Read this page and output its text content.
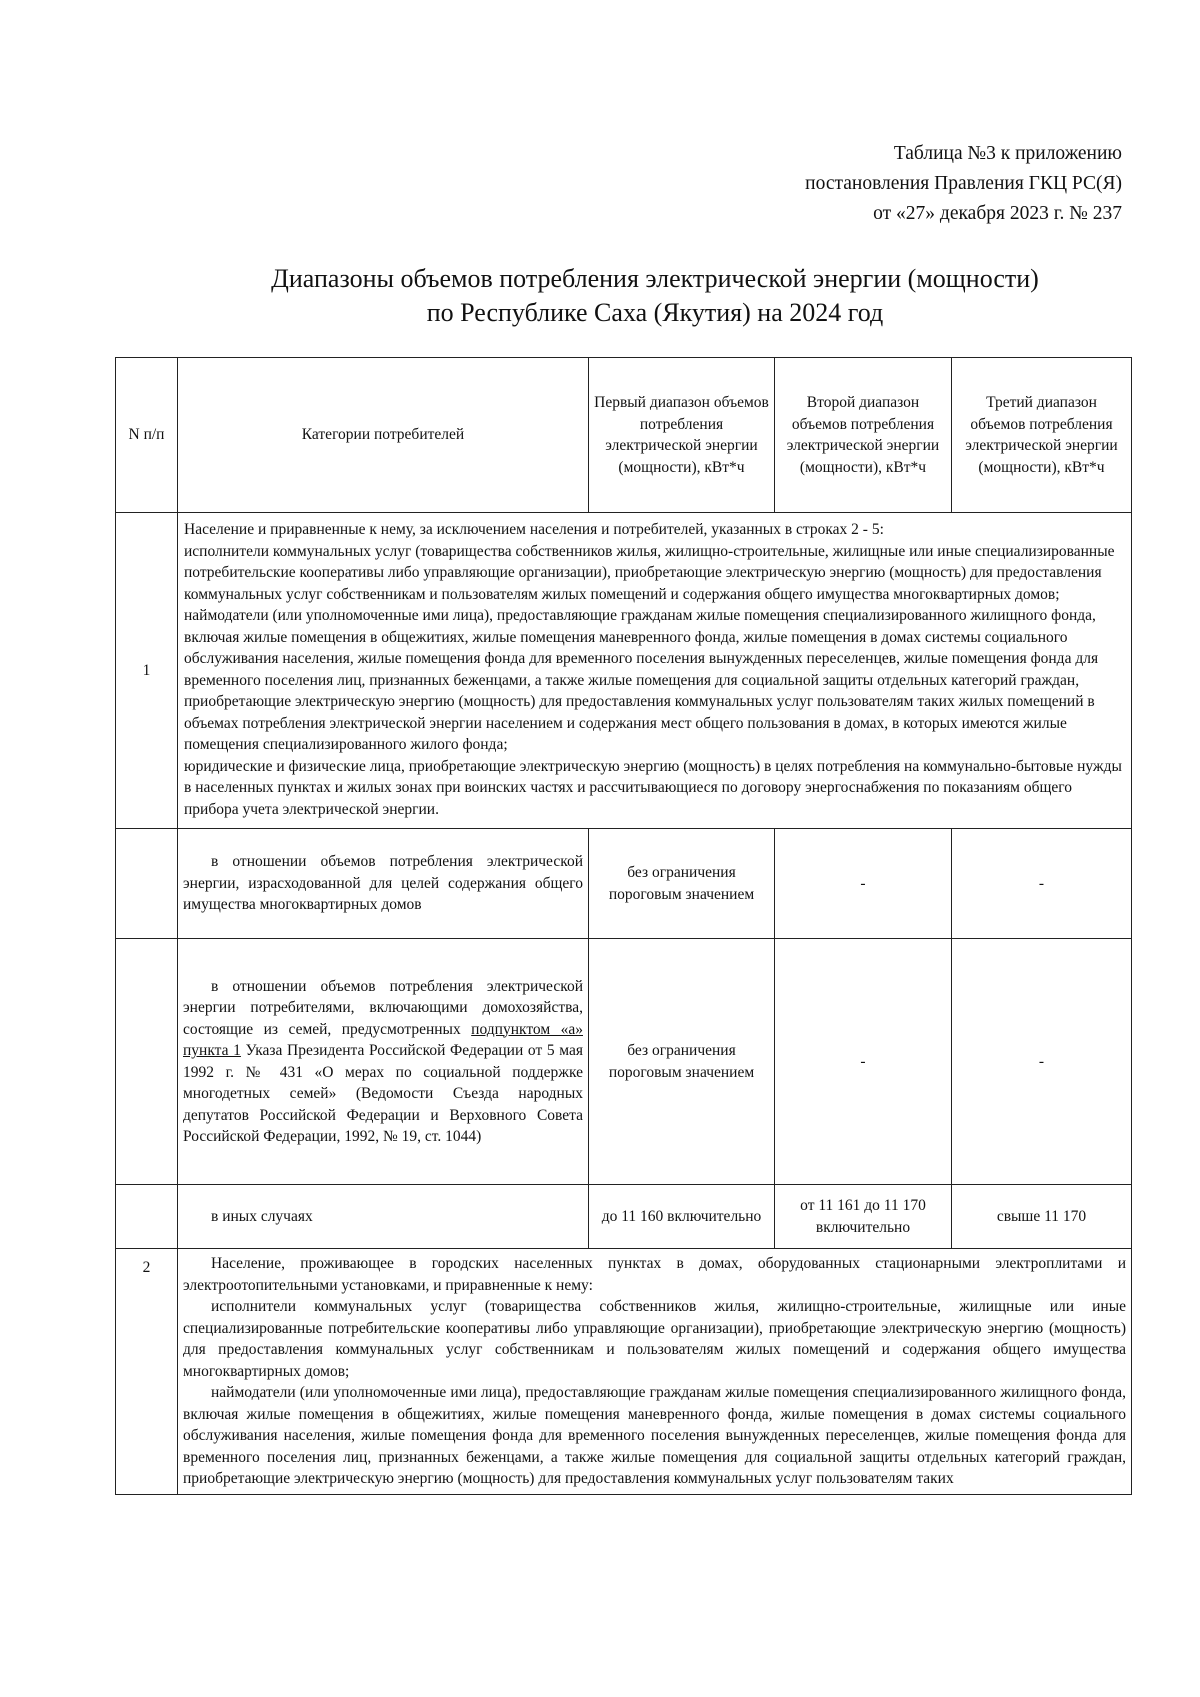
Таблица №3 к приложению
постановления Правления ГКЦ РС(Я)
от «27» декабря 2023 г. № 237
Диапазоны объемов потребления электрической энергии (мощности)
по Республике Саха (Якутия) на 2024 год
N п/п	Категории потребителей	Первый диапазон объемов потребления электрической энергии (мощности), кВт*ч	Второй диапазон объемов потребления электрической энергии (мощности), кВт*ч	Третий диапазон объемов потребления электрической энергии (мощности), кВт*ч
1	Население и приравненные к нему, за исключением населения и потребителей, указанных в строках 2 - 5:
исполнители коммунальных услуг (товарищества собственников жилья, жилищно-строительные, жилищные или иные специализированные потребительские кооперативы либо управляющие организации), приобретающие электрическую энергию (мощность) для предоставления коммунальных услуг собственникам и пользователям жилых помещений и содержания общего имущества многоквартирных домов;
наймодатели (или уполномоченные ими лица), предоставляющие гражданам жилые помещения специализированного жилищного фонда, включая жилые помещения в общежитиях, жилые помещения маневренного фонда, жилые помещения в домах системы социального обслуживания населения, жилые помещения фонда для временного поселения вынужденных переселенцев, жилые помещения фонда для временного поселения лиц, признанных беженцами, а также жилые помещения для социальной защиты отдельных категорий граждан, приобретающие электрическую энергию (мощность) для предоставления коммунальных услуг пользователям таких жилых помещений в объемах потребления электрической энергии населением и содержания мест общего пользования в домах, в которых имеются жилые помещения специализированного жилого фонда;
юридические и физические лица, приобретающие электрическую энергию (мощность) в целях потребления на коммунально-бытовые нужды в населенных пунктах и жилых зонах при воинских частях и рассчитывающиеся по договору энергоснабжения по показаниям общего прибора учета электрической энергии.			

	в отношении объемов потребления электрической энергии, израсходованной для целей содержания общего имущества многоквартирных домов	без ограничения пороговым значением	-	-
	в отношении объемов потребления электрической энергии потребителями, включающими домохозяйства, состоящие из семей, предусмотренных подпунктом «а» пункта 1 Указа Президента Российской Федерации от 5 мая 1992 г. № 431 «О мерах по социальной поддержке многодетных семей» (Ведомости Съезда народных депутатов Российской Федерации и Верховного Совета Российской Федерации, 1992, № 19, ст. 1044)	без ограничения пороговым значением	-	-
	в иных случаях	до 11 160 включительно	от 11 161 до 11 170 включительно	свыше 11 170
2	Население, проживающее в городских населенных пунктах в домах, оборудованных стационарными электроплитами и электроотопительными установками, и приравненные к нему:
исполнители коммунальных услуг (товарищества собственников жилья, жилищно-строительные, жилищные или иные специализированные потребительские кооперативы либо управляющие организации), приобретающие электрическую энергию (мощность) для предоставления коммунальных услуг собственникам и пользователям жилых помещений и содержания общего имущества многоквартирных домов;
наймодатели (или уполномоченные ими лица), предоставляющие гражданам жилые помещения специализированного жилищного фонда, включая жилые помещения в общежитиях, жилые помещения маневренного фонда, жилые помещения в домах системы социального обслуживания населения, жилые помещения фонда для временного поселения вынужденных переселенцев, жилые помещения фонда для временного поселения лиц, признанных беженцами, а также жилые помещения для социальной защиты отдельных категорий граждан, приобретающие электрическую энергию (мощность) для предоставления коммунальных услуг пользователям таких			
